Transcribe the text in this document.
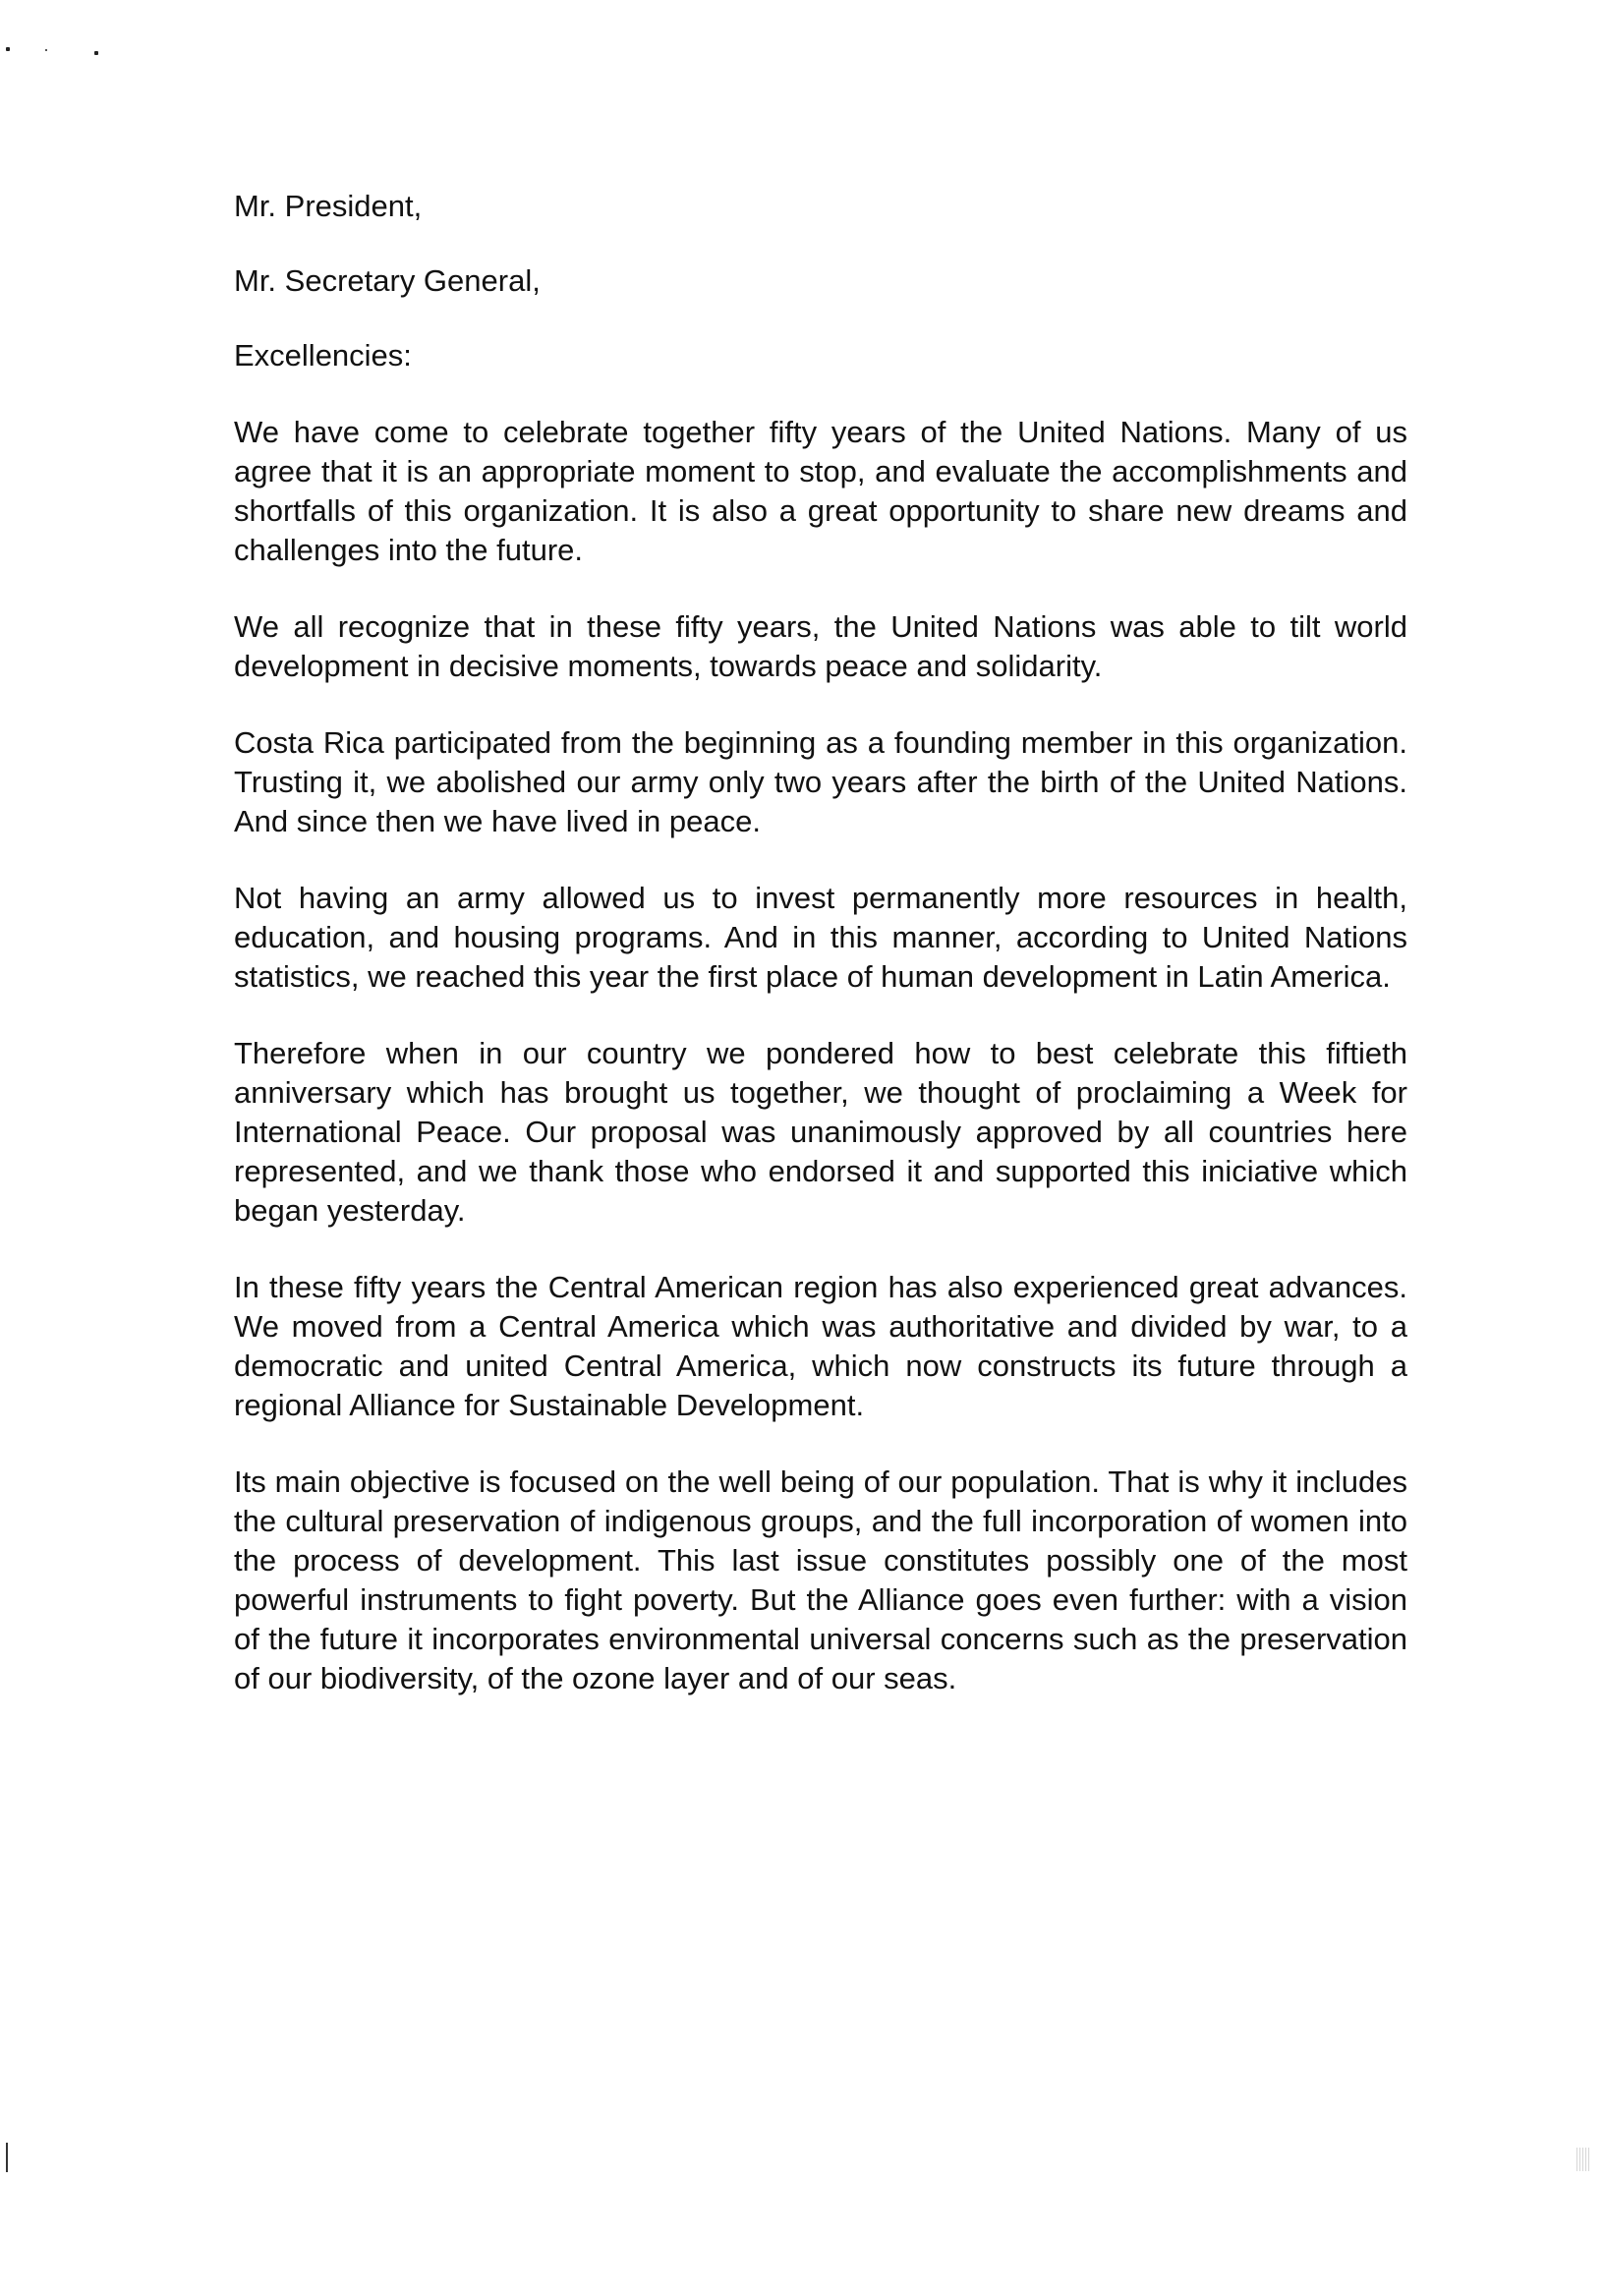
Mr. President,

Mr. Secretary General,

Excellencies:

We have come to celebrate together fifty years of the United Nations. Many of us agree that it is an appropriate moment to stop, and evaluate the accomplishments and shortfalls of this organization. It is also a great opportunity to share new dreams and challenges into the future.

We all recognize that in these fifty years, the United Nations was able to tilt world development in decisive moments, towards peace and solidarity.

Costa Rica participated from the beginning as a founding member in this organization. Trusting it, we abolished our army only two years after the birth of the United Nations. And since then we have lived in peace.

Not having an army allowed us to invest permanently more resources in health, education, and housing programs. And in this manner, according to United Nations statistics, we reached this year the first place of human development in Latin America.

Therefore when in our country we pondered how to best celebrate this fiftieth anniversary which has brought us together, we thought of proclaiming a Week for International Peace. Our proposal was unanimously approved by all countries here represented, and we thank those who endorsed it and supported this iniciative which began yesterday.

In these fifty years the Central American region has also experienced great advances. We moved from a Central America which was authoritative and divided by war, to a democratic and united Central America, which now constructs its future through a regional Alliance for Sustainable Development.

Its main objective is focused on the well being of our population. That is why it includes the cultural preservation of indigenous groups, and the full incorporation of women into the process of development. This last issue constitutes possibly one of the most powerful instruments to fight poverty. But the Alliance goes even further: with a vision of the future it incorporates environmental universal concerns such as the preservation of our biodiversity, of the ozone layer and of our seas.
